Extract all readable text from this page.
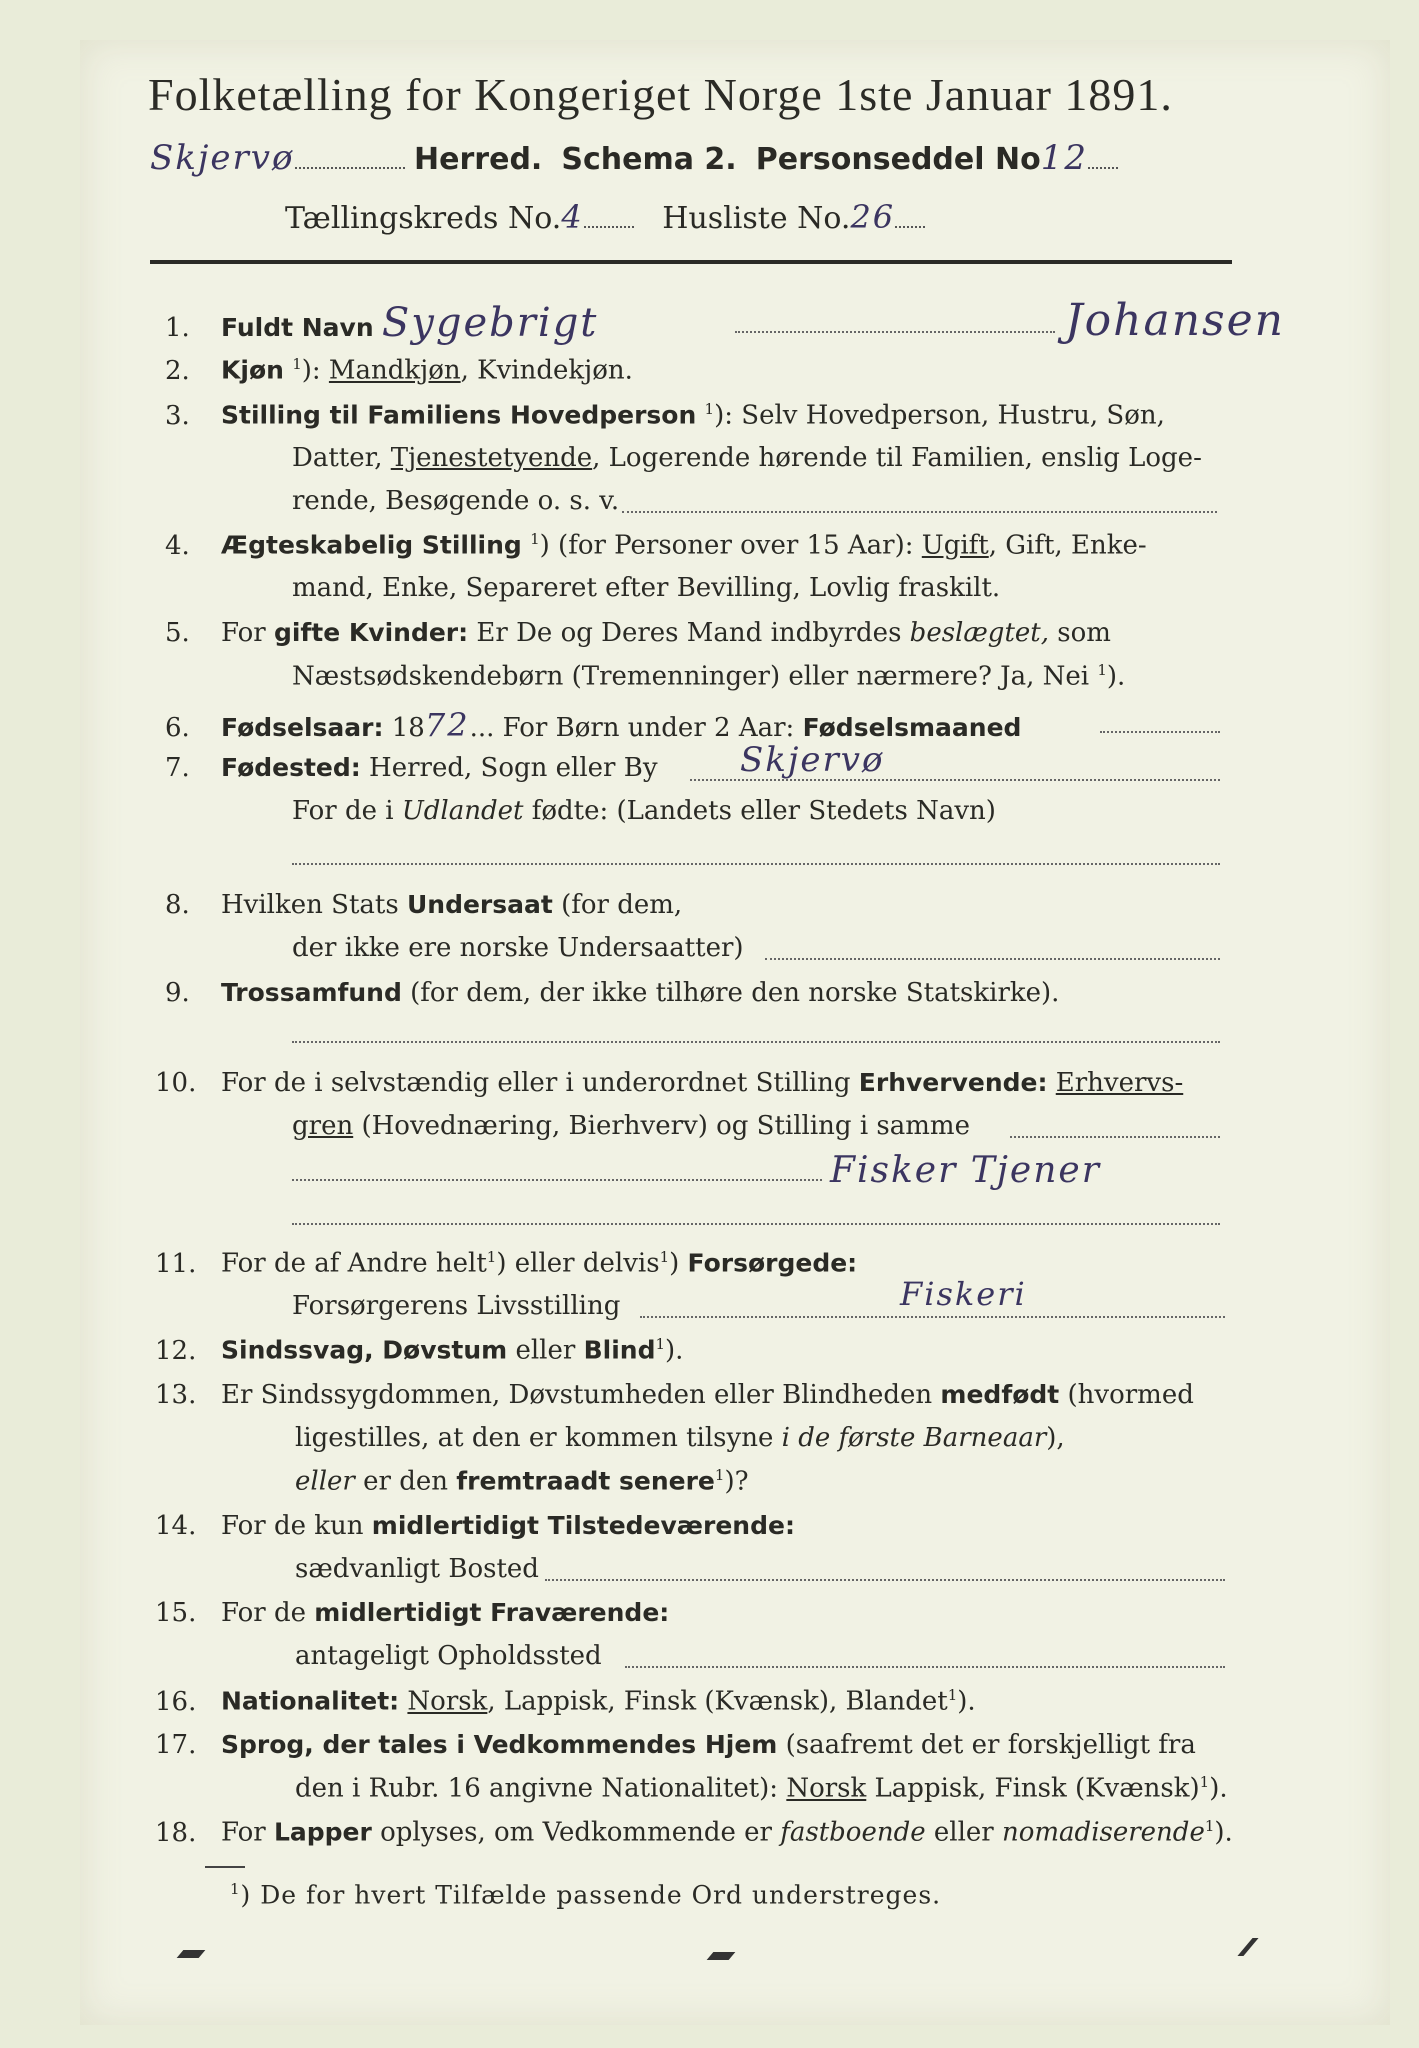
Folketælling for Kongeriget Norge 1ste Januar 1891.
Skjervø	Herred. Schema 2. Personseddel No12
Tællingskreds No.4	Husliste No.26
1. Fuldt Navn Sygebrigt	Johansen
2. Kjøn $^1$): Mandkjøn, Kvindekjøn.
3. Stilling til Familiens Hovedperson $^1$): Selv Hovedperson, Hustru, Søn,
Datter, Tjenestetyende, Logerende hørende til Familien, enslig Loge-
rende, Besøgende o. s. v.
4. Ægteskabelig Stilling $^1$) (for Personer over 15 Aar): Ugift, Gift, Enke-
mand, Enke, Separeret efter Bevilling, Lovlig fraskilt.
5. For gifte Kvinder: Er De og Deres Mand indbyrdes beslægtet, som
Næstsødskendebørn (Tremenninger) eller nærmere? Ja, Nei $^1$).
6. Fødselsaar: 1872... For Børn under 2 Aar: Fødselsmaaned
7. Fødested: Herred, Sogn eller By Skjervø
For de i Udlandet fødte: (Landets eller Stedets Navn)
8. Hvilken Stats Undersaat (for dem,
der ikke ere norske Undersaatter)
9. Trossamfund (for dem, der ikke tilhøre den norske Statskirke).
10. For de i selvstændig eller i underordnet Stilling Erhvervende: Erhvervs-
gren (Hovednæring, Bierhverv) og Stilling i samme
Fisker Tjener
11. For de af Andre helt$^1$) eller delvis$^1$) Forsørgede:
Forsørgerens Livsstilling	Fiskeri
12. Sindssvag, Døvstum eller Blind$^1$).
13. Er Sindssygdommen, Døvstumheden eller Blindheden medfødt (hvormed
ligestilles, at den er kommen tilsyne i de første Barneaar),
eller er den fremtraadt senere$^1$)?
14. For de kun midlertidigt Tilstedeværende:
sædvanligt Bosted
15. For de midlertidigt Fraværende:
antageligt Opholdssted
16. Nationalitet: Norsk, Lappisk, Finsk (Kvænsk), Blandet$^1$).
17. Sprog, der tales i Vedkommendes Hjem (saafremt det er forskjelligt fra
den i Rubr. 16 angivne Nationalitet): Norsk Lappisk, Finsk (Kvænsk)$^1$).
18. For Lapper oplyses, om Vedkommende er fastboende eller nomadiserende$^1$).
$^1$) De for hvert Tilfælde passende Ord understreges.
